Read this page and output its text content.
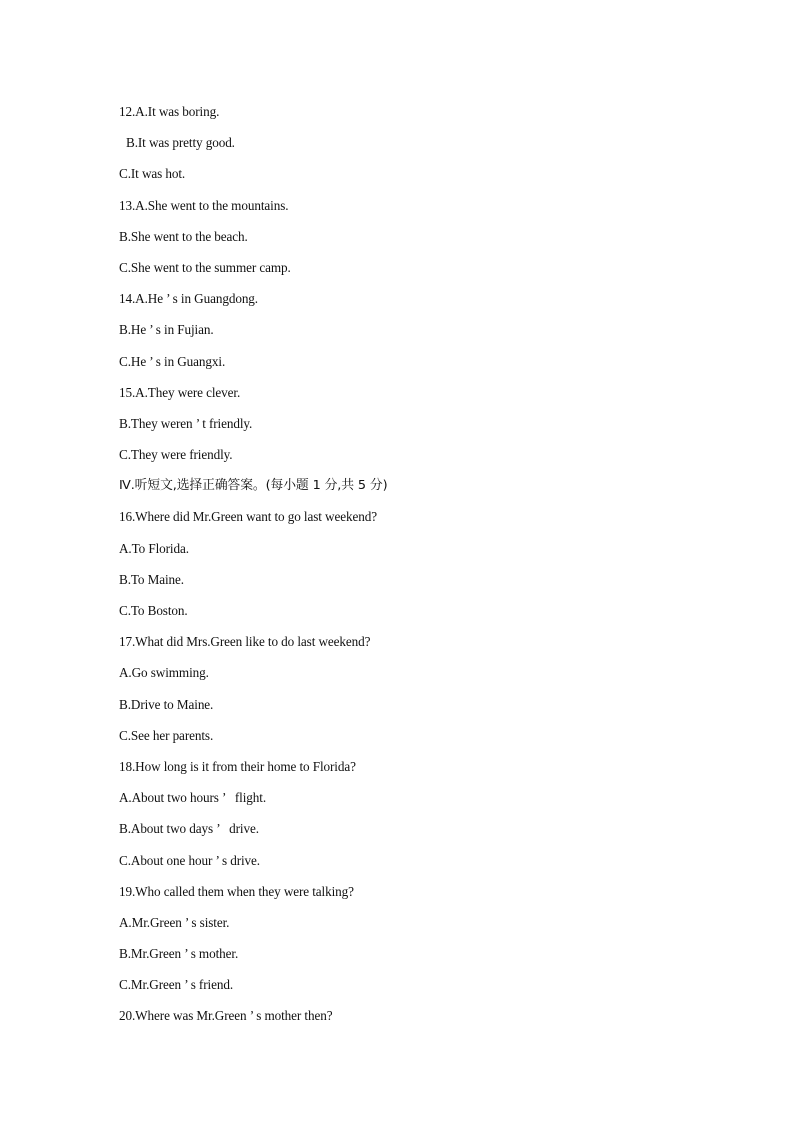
12.A.It was boring.
B.It was pretty good.
C.It was hot.
13.A.She went to the mountains.
B.She went to the beach.
C.She went to the summer camp.
14.A.He ’ s in Guangdong.
B.He ’ s in Fujian.
C.He ’ s in Guangxi.
15.A.They were clever.
B.They weren ’ t friendly.
C.They were friendly.
Ⅳ.听短文,选择正确答案。(每小题 1 分,共 5 分)
16.Where did Mr.Green want to go last weekend?
A.To Florida.
B.To Maine.
C.To Boston.
17.What did Mrs.Green like to do last weekend?
A.Go swimming.
B.Drive to Maine.
C.See her parents.
18.How long is it from their home to Florida?
A.About two hours ’   flight.
B.About two days ’   drive.
C.About one hour ’ s drive.
19.Who called them when they were talking?
A.Mr.Green ’ s sister.
B.Mr.Green ’ s mother.
C.Mr.Green ’ s friend.
20.Where was Mr.Green ’ s mother then?
